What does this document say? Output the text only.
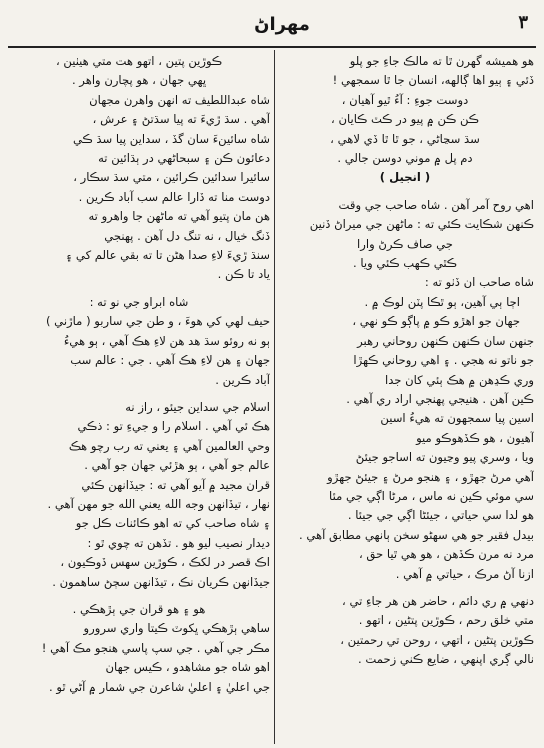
مهراڻ	٣
هو هميشه گهرن ٿا ته مالڪ جاءِ جو پلو
ڏئي ۽ ٻيو اها ڳالهه، انسان جا ٿا سمجهي !
دوست جوءِ : آءُ ٿيو آهيان ،
ڪن ڪن ۾ پيو در ڪٽ ڪايان ،
سڌ سڃاڻي ، جو ٿا ٿا ڏي لاهي ،
دم پل ۾ موني دوسن جالي .
( انجيل )
اهي روح آمر آهن . شاه صاحب جي وقت
ڪنهن شڪايت ڪئي ته : ماڻهن جي ميراڻ ڏنين
جي صاف ڪرڻ وارا
ڪٿي ڪهب ڪئي ويا .
شاه صاحب ان ڏٺو ته :
اڄا ٻي آهين، ٻو ٿڪا پٽن لوڪ ۾ .
جهان جو اهڙو ڪو ۾ پاڳو ڪو نهي ،
جنهن سان ڪنهن ڪنهن روحاني رهبر
جو ناتو نه هجي . ۽ اهي روحاني ڪهڙا
وري ڪڍهن ۾ هڪ ٻئي کان جدا
ڪين آهن . هنيجي پهنجي اراد ري آهي .
اسين پيا سمجهون ته هيءُ اسين
آهيون ، هو ڪڏهوڪو ميو
ويا ، وسري پيو وڃيون ته اساجو جيئڻ
آهي مرڻ جهڙو ، ۽ هنجو مرڻ ۽ جيئڻ جهڙو
سي موئي ڪين نه ماس ، مرڻا اڳي جي مئا
هو لدا سي حياتي ، جيئڻا اڳي جي جيئا .
بيدل فقير جو هي سهڻو سخن ٻانهي مطابق آهي .
مرد نه مرن ڪڏهن ، هو هي ٿيا حق ،
ازنا آڻ مرڪ ، حياتي ۾ آهي .
دنهي ۾ ري دائم ، حاضر هن هر جاءِ تي ،
متي خلق رحم ، ڪوڙين پتڻين ، اتهو .
ڪوڙين پتڻين ، اتهي ، روحن تي رحمتين ،
نالي ڳري اپنهي ، ضايع ڪني زحمت .
ڪوڙين پتين ، اتهو هت متي هيٺين ،
ڀهي جهان ، هو پچارن واهر .
شاه عبداللطيف ته انهن واهرن مجهان
آهي . سڌ ڙيءَ ته پيا سڌتڻ ۽ عرش ،
شاه سائينءَ سان گڏ ، سداين پيا سڌ ڪي
دعائون ڪن ۽ سبحاڻهي در ٻڌائين ته
سائيرا سدائين ڪرائين ، متي سڌ سڪار ،
دوست منا ته ڏارا عالم سب آباد ڪرين .
هن مان پتيو آهي ته ماڻهن جا واهرو ته
ڏنگ خيال ، نه تنگ دل آهن . پهنجي
سنڌ ڙيءَ لاءِ صدا هڻن تا ته بقي عالم کي ۽
ياد تا ڪن .
شاه ابراو جي نو ته :
حيف لهي کي هوءَ ، و طن جي ساربو ( ماڙني )
ٻو نه روئو سڌ هد هن لاءِ هڪ آهي ، ٻو هيءُ
جهان ۽ هن لاءِ هڪ آهي . جي : عالم سب
آباد ڪرين .
اسلام جي سداين جيئو ، راز نه
هڪ ئي آهي . اسلام را و جيءِ تو : ذڪي
وحي العالمين آهي ۽ يعني ته رب رچو هڪ
عالم جو آهي ، ٻو هڙئي جهان جو آهي .
قران مجيد ۾ آيو آهي ته : جيڏانهن ڪئي
نهار ، تيڏانهن وجه الله يعني الله جو مهن آهي .
۽ شاه صاحب کي ته اهو ڪائنات ڪل جو
ديدار نصيب ليو هو . تڏهن ته چوي ٿو :
اڪ قصر در لکڪ ، ڪوڙين سهس ڏوڪيون ،
جيڏانهن ڪريان نڪ ، تيڏانهن سڄڻ ساهمون .
هو ۽ هو قران جي ٻڙهڪي .
ساهي ٻڙهڪي ڀکوٽ ڪيتا واري سرورو
مڪر جي آهي . جي سپ پاسي هنجو مڪ آهي !
اهو شاه جو مشاهدو ، ڪيس جهان
جي اعليٰ ۽ اعليٰ شاعرن جي شمار ۾ آڻي ٿو .
